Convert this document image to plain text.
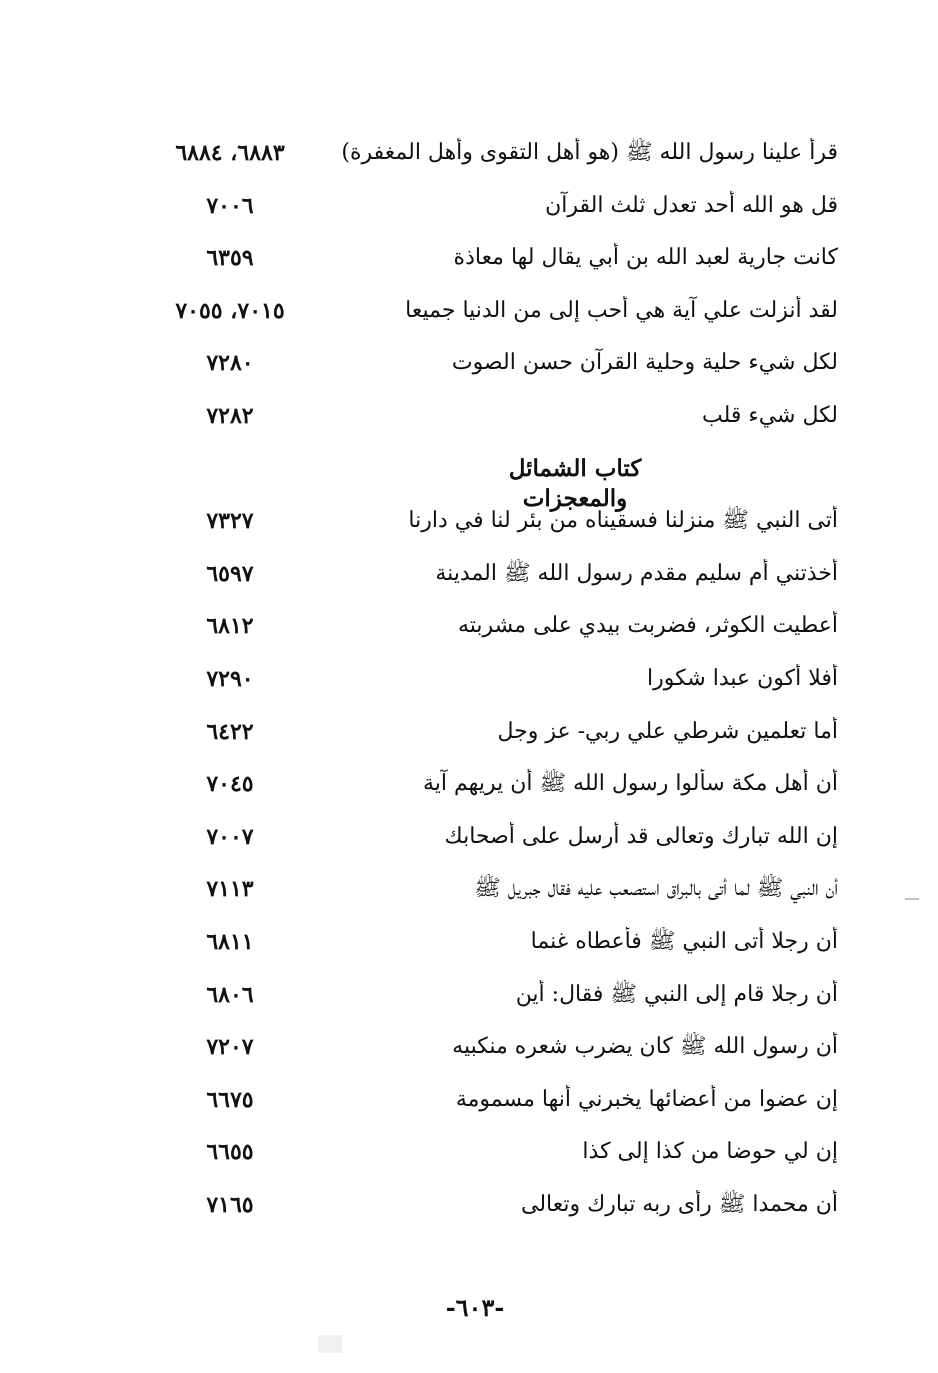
قرأ علينا رسول الله ﷺ (هو أهل التقوى وأهل المغفرة)
٦٨٨٣، ٦٨٨٤
قل هو الله أحد تعدل ثلث القرآن
٧٠٠٦
كانت جارية لعبد الله بن أبي يقال لها معاذة
٦٣٥٩
لقد أنزلت علي آية هي أحب إلى من الدنيا جميعا
٧٠١٥، ٧٠٥٥
لكل شيء حلية وحلية القرآن حسن الصوت
٧٢٨٠
لكل شيء قلب
٧٢٨٢
كتاب الشمائل والمعجزات
أتى النبي ﷺ منزلنا فسقيناه من بئر لنا في دارنا
٧٣٢٧
أخذتني أم سليم مقدم رسول الله ﷺ المدينة
٦٥٩٧
أعطيت الكوثر، فضربت بيدي على مشربته
٦٨١٢
أفلا أكون عبدا شكورا
٧٢٩٠
أما تعلمين شرطي علي ربي- عز وجل
٦٤٢٢
أن أهل مكة سألوا رسول الله ﷺ أن يريهم آية
٧٠٤٥
إن الله تبارك وتعالى قد أرسل على أصحابك
٧٠٠٧
أن النبي ﷺ لما أتى بالبراق استصعب عليه فقال جبريل ﷺ
٧١١٣
أن رجلا أتى النبي ﷺ فأعطاه غنما
٦٨١١
أن رجلا قام إلى النبي ﷺ فقال: أين
٦٨٠٦
أن رسول الله ﷺ كان يضرب شعره منكبيه
٧٢٠٧
إن عضوا من أعضائها يخبرني أنها مسمومة
٦٦٧٥
إن لي حوضا من كذا إلى كذا
٦٦٥٥
أن محمدا ﷺ رأى ربه تبارك وتعالى
٧١٦٥
-٦٠٣-
